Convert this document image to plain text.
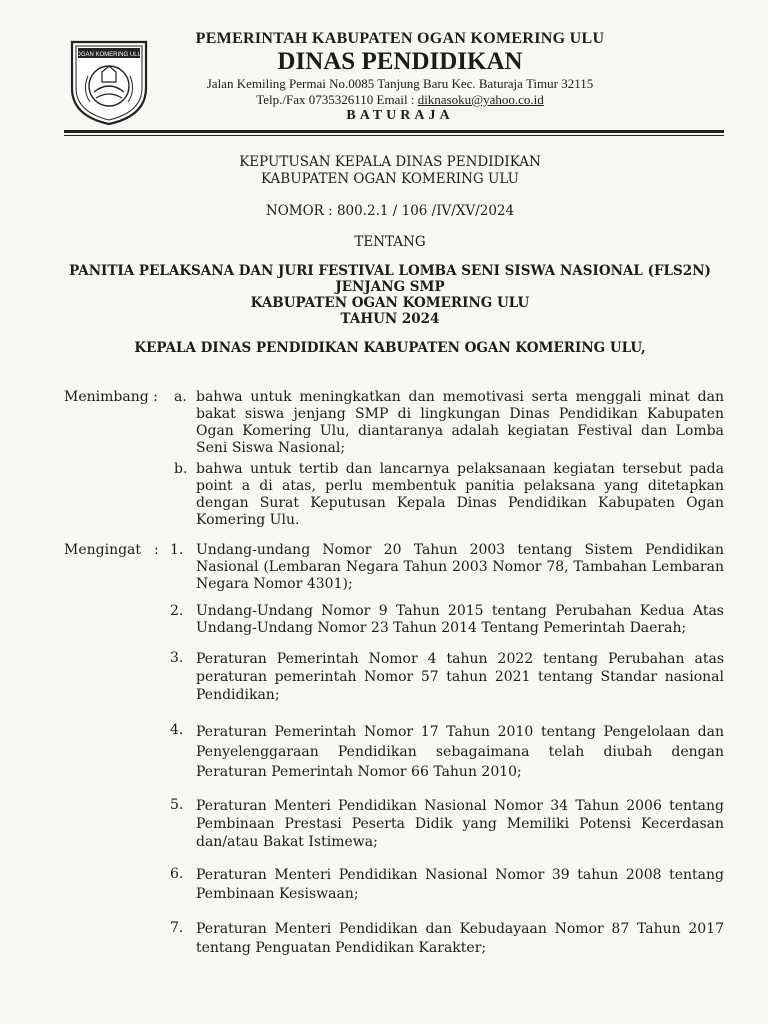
OGAN KOMERING ULU
PEMERINTAH KABUPATEN OGAN KOMERING ULU
DINAS PENDIDIKAN
Jalan Kemiling Permai No.0085 Tanjung Baru Kec. Baturaja Timur 32115
Telp./Fax 0735326110 Email : diknasoku@yahoo.co.id
BATURAJA
KEPUTUSAN KEPALA DINAS PENDIDIKAN
KABUPATEN OGAN KOMERING ULU
NOMOR : 800.2.1 / 106 /IV/XV/2024
TENTANG
PANITIA PELAKSANA DAN JURI FESTIVAL LOMBA SENI SISWA NASIONAL (FLS2N)
JENJANG SMP
KABUPATEN OGAN KOMERING ULU
TAHUN 2024
KEPALA DINAS PENDIDIKAN KABUPATEN OGAN KOMERING ULU,
Menimbang : a. bahwa untuk meningkatkan dan memotivasi serta menggali minat dan bakat siswa jenjang SMP di lingkungan Dinas Pendidikan Kabupaten Ogan Komering Ulu, diantaranya adalah kegiatan Festival dan Lomba Seni Siswa Nasional;
b. bahwa untuk tertib dan lancarnya pelaksanaan kegiatan tersebut pada point a di atas, perlu membentuk panitia pelaksana yang ditetapkan dengan Surat Keputusan Kepala Dinas Pendidikan Kabupaten Ogan Komering Ulu.
Mengingat : 1. Undang-undang Nomor 20 Tahun 2003 tentang Sistem Pendidikan Nasional (Lembaran Negara Tahun 2003 Nomor 78, Tambahan Lembaran Negara Nomor 4301);
2. Undang-Undang Nomor 9 Tahun 2015 tentang Perubahan Kedua Atas Undang-Undang Nomor 23 Tahun 2014 Tentang Pemerintah Daerah;
3. Peraturan Pemerintah Nomor 4 tahun 2022 tentang Perubahan atas peraturan pemerintah Nomor 57 tahun 2021 tentang Standar nasional Pendidikan;
4. Peraturan Pemerintah Nomor 17 Tahun 2010 tentang Pengelolaan dan Penyelenggaraan Pendidikan sebagaimana telah diubah dengan Peraturan Pemerintah Nomor 66 Tahun 2010;
5. Peraturan Menteri Pendidikan Nasional Nomor 34 Tahun 2006 tentang Pembinaan Prestasi Peserta Didik yang Memiliki Potensi Kecerdasan dan/atau Bakat Istimewa;
6. Peraturan Menteri Pendidikan Nasional Nomor 39 tahun 2008 tentang Pembinaan Kesiswaan;
7. Peraturan Menteri Pendidikan dan Kebudayaan Nomor 87 Tahun 2017 tentang Penguatan Pendidikan Karakter;
